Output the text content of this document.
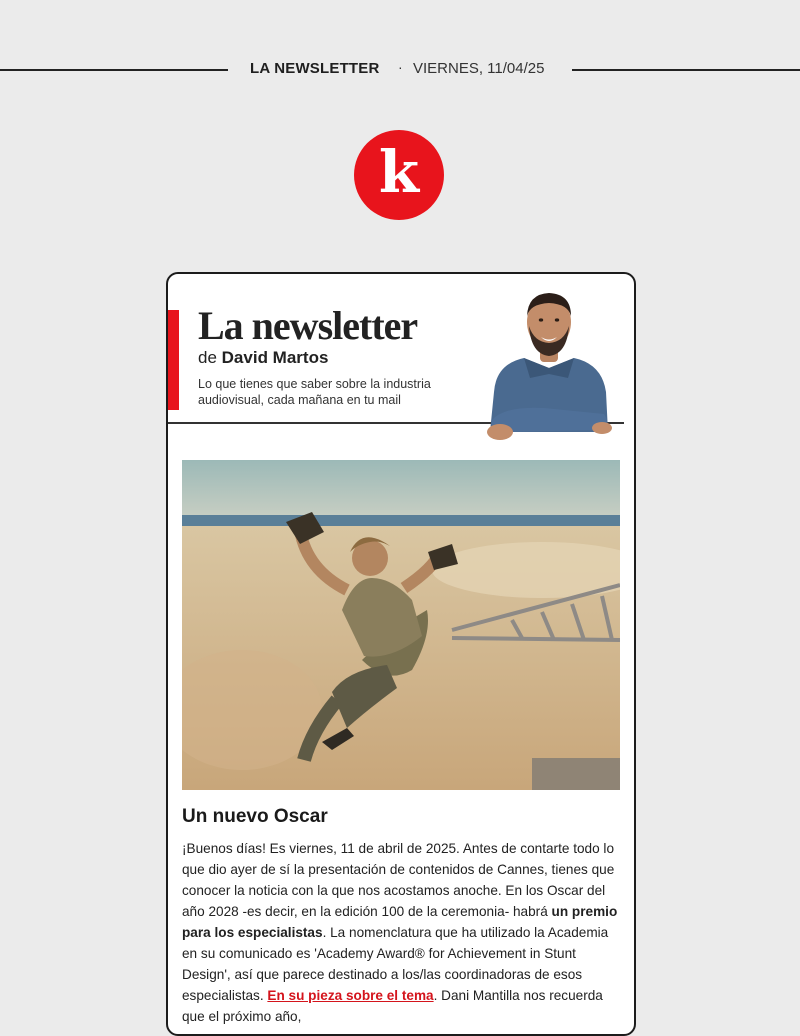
LA NEWSLETTER · VIERNES, 11/04/25
k
La newsletter
de David Martos
Lo que tienes que saber sobre la industria audiovisual, cada mañana en tu mail
Un nuevo Oscar
¡Buenos días! Es viernes, 11 de abril de 2025. Antes de contarte todo lo que dio ayer de sí la presentación de contenidos de Cannes, tienes que conocer la noticia con la que nos acostamos anoche. En los Oscar del año 2028 -es decir, en la edición 100 de la ceremonia- habrá un premio para los especialistas. La nomenclatura que ha utilizado la Academia en su comunicado es 'Academy Award® for Achievement in Stunt Design', así que parece destinado a los/las coordinadoras de esos especialistas. En su pieza sobre el tema. Dani Mantilla nos recuerda que el próximo año,
